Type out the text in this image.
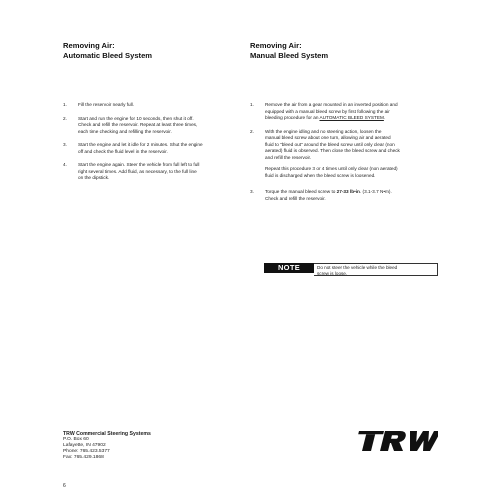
Removing Air:
Automatic Bleed System
Removing Air:
Manual Bleed System
1. Fill the reservoir nearly full.
2. Start and run the engine for 10 seconds, then shut it off.
Check and refill the reservoir. Repeat at least three times,
each time checking and refilling the reservoir.
3. Start the engine and let it idle for 2 minutes. Shut the engine
off and check the fluid level in the reservoir.
4. Start the engine again. Steer the vehicle from full left to full
right several times. Add fluid, as necessary, to the full line
on the dipstick.
1. Remove the air from a gear mounted in an inverted position and
equipped with a manual bleed screw by first following the air
bleeding procedure for an AUTOMATIC BLEED SYSTEM.
2. With the engine idling and no steering action, loosen the
manual bleed screw about one turn, allowing air and aerated
fluid to "bleed out" around the bleed screw until only clear (non
aerated) fluid is observed. Then close the bleed screw and check
and refill the reservoir.
Repeat this procedure 3 or 4 times until only clear (non aerated)
fluid is discharged when the bleed screw is loosened.
3. Torque the manual bleed screw to 27-33 lb•in. (3.1-3.7 N•m).
Check and refill the reservoir.
NOTE	Do not steer the vehicle while the bleed
screw is loose.
TRW Commercial Steering Systems
P.O. Box 60
Lafayette, IN 47902
Phone: 765.423.5377
Fax: 765.429.1868
6
